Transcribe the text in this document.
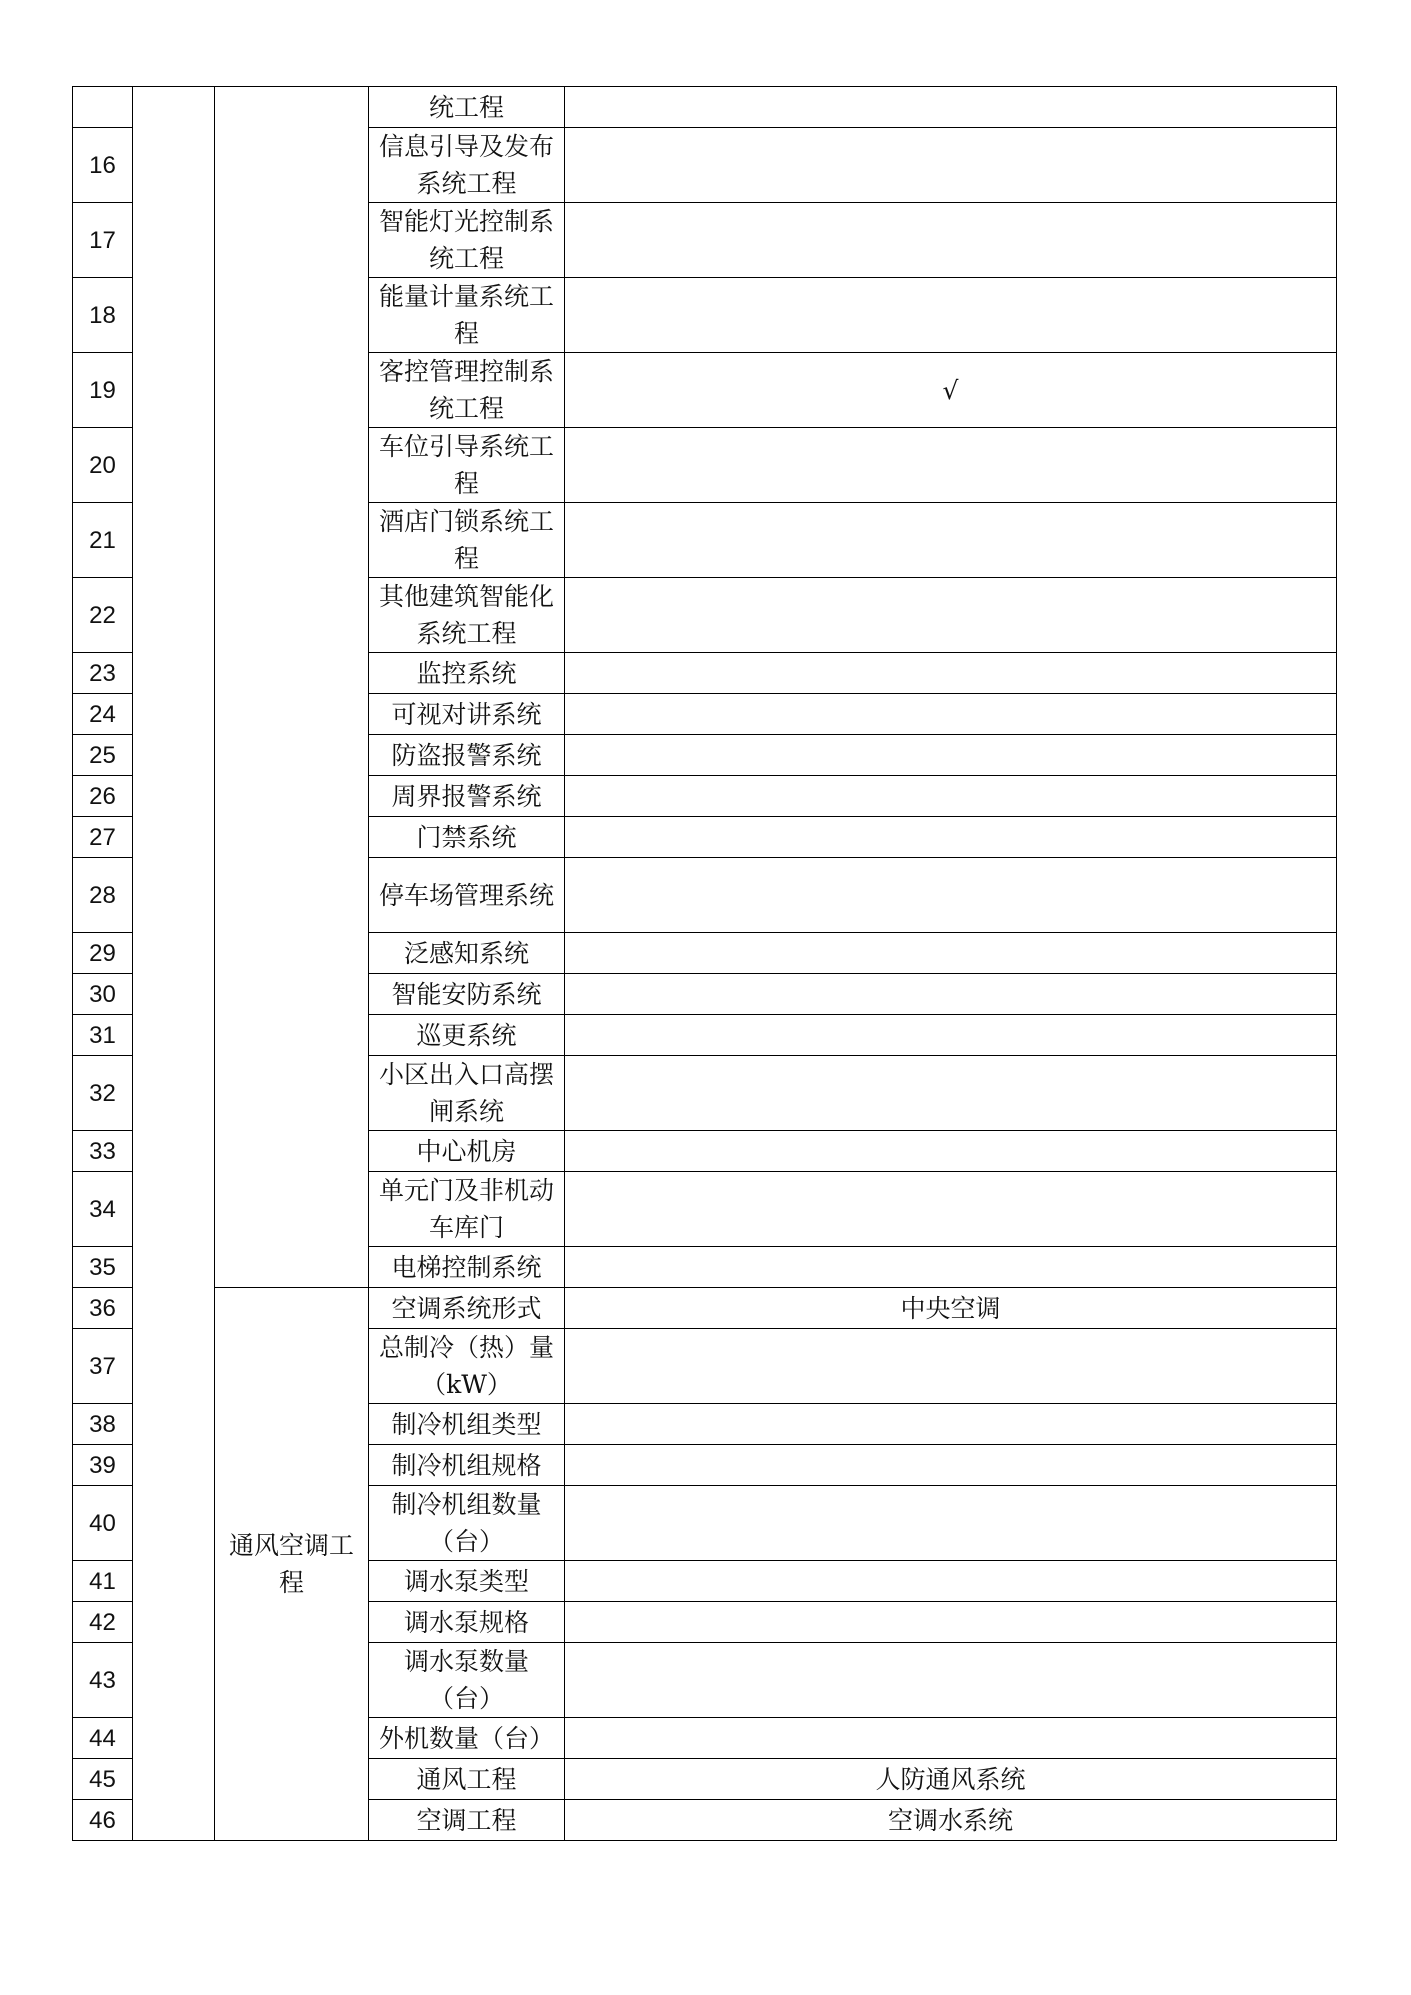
			统工程	
16			信息引导及发布系统工程	
17			智能灯光控制系统工程	
18			能量计量系统工程	
19			客控管理控制系统工程	√
20			车位引导系统工程	
21			酒店门锁系统工程	
22			其他建筑智能化系统工程	
23			监控系统	
24			可视对讲系统	
25			防盗报警系统	
26			周界报警系统	
27			门禁系统	
28			停车场管理系统	
29			泛感知系统	
30			智能安防系统	
31			巡更系统	
32			小区出入口高摆闸系统	
33			中心机房	
34			单元门及非机动车库门	
35			电梯控制系统	
36		通风空调工程	空调系统形式	中央空调
37			总制冷（热）量（kW）	
38			制冷机组类型	
39			制冷机组规格	
40			制冷机组数量（台）	
41			调水泵类型	
42			调水泵规格	
43			调水泵数量（台）	
44			外机数量（台）	
45			通风工程	人防通风系统
46			空调工程	空调水系统
